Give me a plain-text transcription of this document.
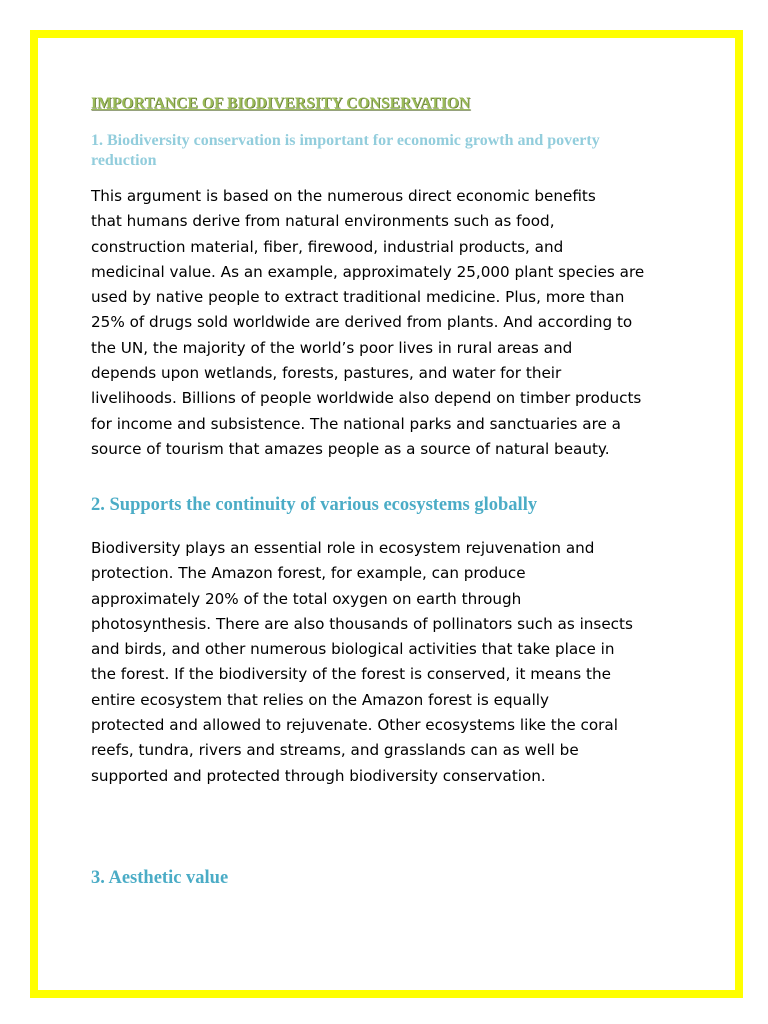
IMPORTANCE OF BIODIVERSITY CONSERVATION
1. Biodiversity conservation is important for economic growth and poverty reduction

This argument is based on the numerous direct economic benefits
that humans derive from natural environments such as food,
construction material, fiber, firewood, industrial products, and
medicinal value. As an example, approximately 25,000 plant species are
used by native people to extract traditional medicine. Plus, more than
25% of drugs sold worldwide are derived from plants. And according to
the UN, the majority of the world’s poor lives in rural areas and
depends upon wetlands, forests, pastures, and water for their
livelihoods. Billions of people worldwide also depend on timber products
for income and subsistence. The national parks and sanctuaries are a
source of tourism that amazes people as a source of natural beauty.

2. Supports the continuity of various ecosystems globally

Biodiversity plays an essential role in ecosystem rejuvenation and
protection. The Amazon forest, for example, can produce
approximately 20% of the total oxygen on earth through
photosynthesis. There are also thousands of pollinators such as insects
and birds, and other numerous biological activities that take place in
the forest. If the biodiversity of the forest is conserved, it means the
entire ecosystem that relies on the Amazon forest is equally
protected and allowed to rejuvenate. Other ecosystems like the coral
reefs, tundra, rivers and streams, and grasslands can as well be
supported and protected through biodiversity conservation.

3. Aesthetic value
